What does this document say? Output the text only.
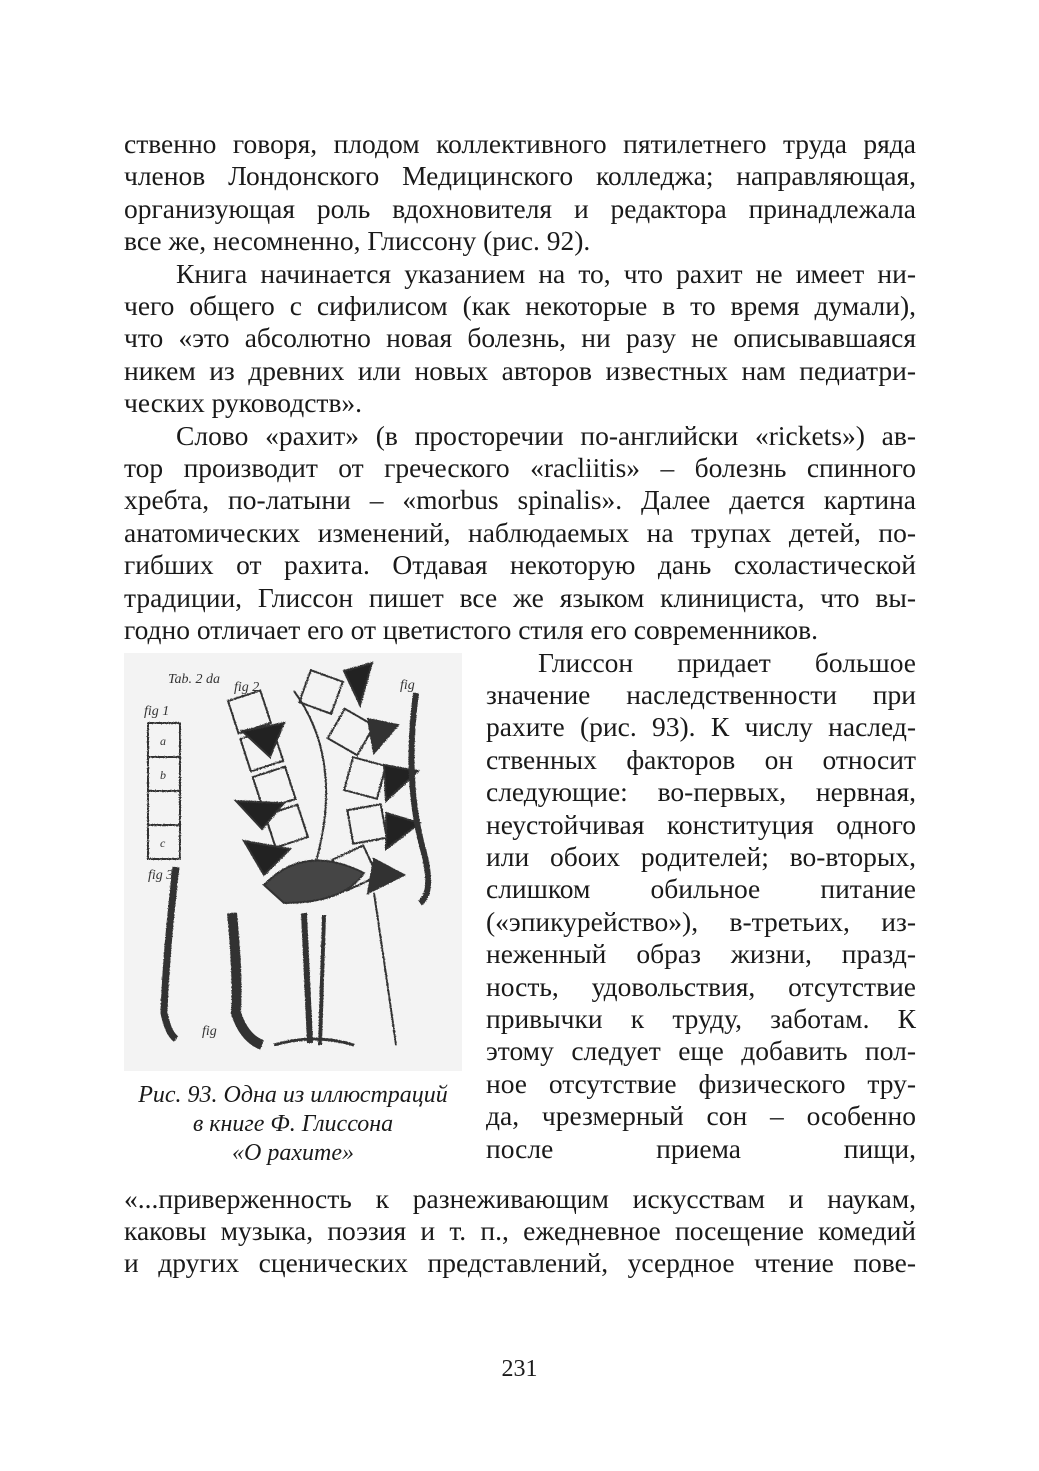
ственно говоря, плодом коллективного пятилетнего труда ряда
членов Лондонского Медицинского колледжа; направляющая,
организующая роль вдохновителя и редактора принадлежала
все же, несомненно, Глиссону (рис. 92).

Книга начинается указанием на то, что рахит не имеет ни-
чего общего с сифилисом (как некоторые в то время думали),
что «это абсолютно новая болезнь, ни разу не описывавшаяся
никем из древних или новых авторов известных нам педиатри-
ческих руководств».

Слово «рахит» (в просторечии по-английски «rickets») ав-
тор производит от греческого «racliitis» – болезнь спинного
хребта, по-латыни – «morbus spinalis». Далее дается картина
анатомических изменений, наблюдаемых на трупах детей, по-
гибших от рахита. Отдавая некоторую дань схоластической
традиции, Глиссон пишет все же языком клинициста, что вы-
годно отличает его от цветистого стиля его современников.

Tab. 2 da
fig 1
fig 2
fig 3
fig
fig
a
b
c
Рис. 93. Одна из иллюстраций
в книге Ф. Глиссона
«О рахите»
Глиссон придает большое
значение наследственности при
рахите (рис. 93). К числу наслед-
ственных факторов он относит
следующие: во-первых, нервная,
неустойчивая конституция одного
или обоих родителей; во-вторых,
слишком обильное питание
(«эпикурейство»), в-третьих, из-
неженный образ жизни, празд-
ность, удовольствия, отсутствие
привычки к труду, заботам. К
этому следует еще добавить пол-
ное отсутствие физического тру-
да, чрезмерный сон – особенно
после приема пищи,

«...приверженность к разнеживающим искусствам и наукам,
каковы музыка, поэзия и т. п., ежедневное посещение комедий
и других сценических представлений, усердное чтение пове-

231
